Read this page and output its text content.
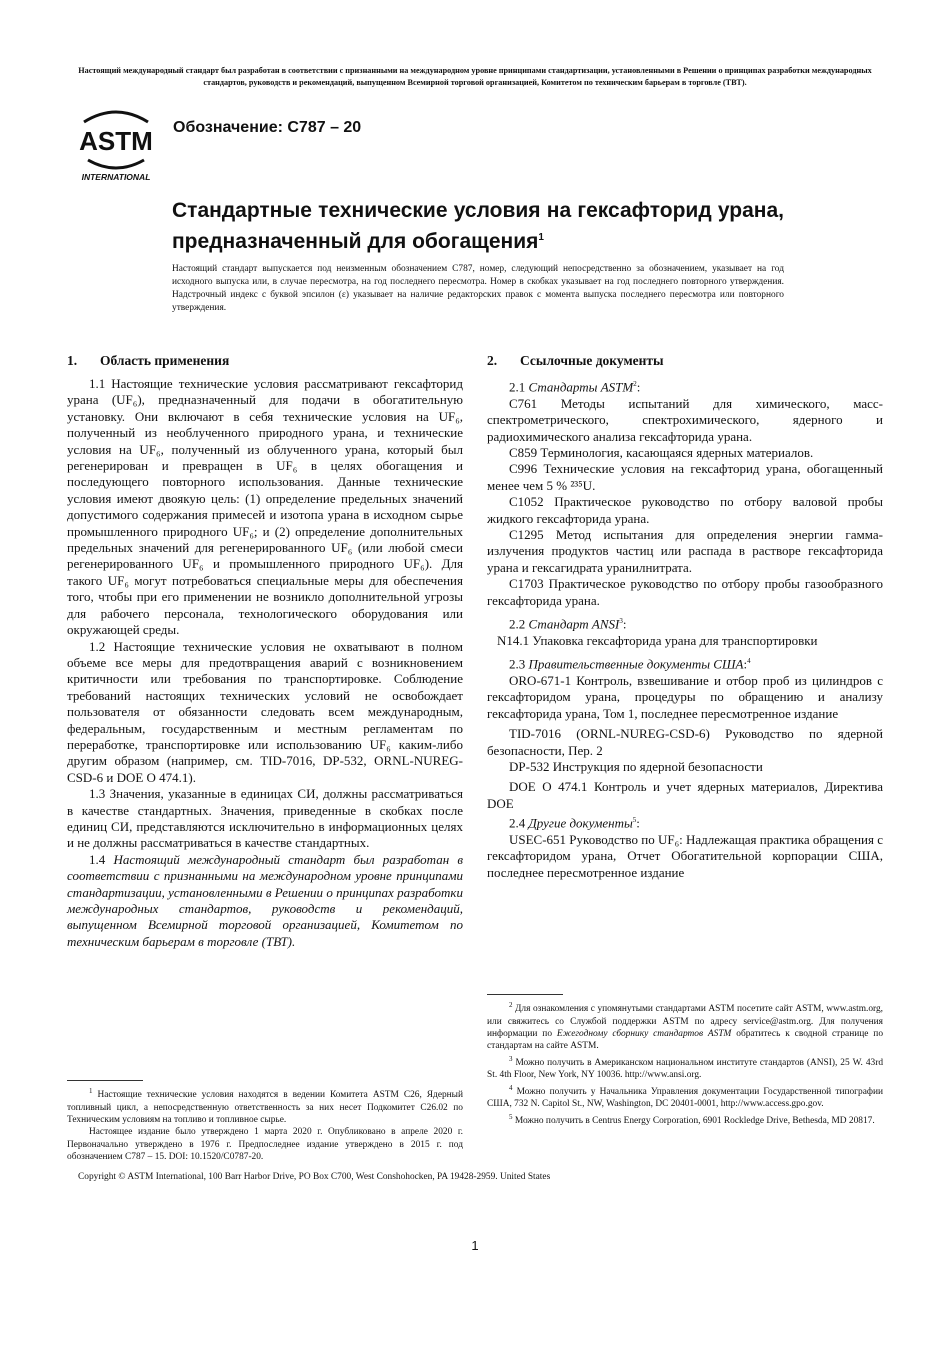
Настоящий международный стандарт был разработан в соответствии с признанными на международном уровне принципами стандартизации, установленными в Решении о принципах разработки международных стандартов, руководств и рекомендаций, выпущенном Всемирной торговой организацией, Комитетом по техническим барьерам в торговле (ТВТ).
ASTM
INTERNATIONAL
Обозначение: C787 – 20
Стандартные технические условия на гексафторид урана, предназначенный для обогащения$^1$
Настоящий стандарт выпускается под неизменным обозначением C787, номер, следующий непосредственно за обозначением, указывает на год исходного выпуска или, в случае пересмотра, на год последнего пересмотра. Номер в скобках указывает на год последнего повторного утверждения. Надстрочный индекс с буквой эпсилон (ε) указывает на наличие редакторских правок с момента выпуска последнего пересмотра или повторного утверждения.
1. Область применения

1.1 Настоящие технические условия рассматривают гексафторид урана (UF₆), предназначенный для подачи в обогатительную установку. Они включают в себя технические условия на UF₆, полученный из необлученного природного урана, и технические условия на UF₆, полученный из облученного урана, который был регенерирован и превращен в UF₆ в целях обогащения и последующего повторного использования. Данные технические условия имеют двоякую цель: (1) определение предельных значений допустимого содержания примесей и изотопа урана в исходном сырье промышленного природного UF₆; и (2) определение дополнительных предельных значений для регенерированного UF₆ (или любой смеси регенерированного UF₆ и промышленного природного UF₆). Для такого UF₆ могут потребоваться специальные меры для обеспечения того, чтобы при его применении не возникло дополнительной угрозы для рабочего персонала, технологического оборудования или окружающей среды.

1.2 Настоящие технические условия не охватывают в полном объеме все меры для предотвращения аварий с возникновением критичности или требования по транспортировке. Соблюдение требований настоящих технических условий не освобождает пользователя от обязанности следовать всем международным, федеральным, государственным и местным регламентам по переработке, транспортировке или использованию UF₆ каким-либо другим образом (например, см. TID-7016, DP-532, ORNL-NUREG-CSD-6 и DOE O 474.1).

1.3 Значения, указанные в единицах СИ, должны рассматриваться в качестве стандартных. Значения, приведенные в скобках после единиц СИ, представляются исключительно в информационных целях и не должны рассматриваться в качестве стандартных.

1.4 Настоящий международный стандарт был разработан в соответствии с признанными на международном уровне принципами стандартизации, установленными в Решении о принципах разработки международных стандартов, руководств и рекомендаций, выпущенном Всемирной торговой организацией, Комитетом по техническим барьерам в торговле (ТВТ).

2. Ссылочные документы

2.1 Стандарты ASTM$^2$:

C761 Методы испытаний для химического, масс-спектрометрического, спектрохимического, ядерного и радиохимического анализа гексафторида урана.

C859 Терминология, касающаяся ядерных материалов.

C996 Технические условия на гексафторид урана, обогащенный менее чем 5 % ²³⁵U.

C1052 Практическое руководство по отбору валовой пробы жидкого гексафторида урана.

C1295 Метод испытания для определения энергии гамма-излучения продуктов частиц или распада в растворе гексафторида урана и гексагидрата уранилнитрата.

C1703 Практическое руководство по отбору пробы газообразного гексафторида урана.

2.2 Стандарт ANSI$^3$:

N14.1 Упаковка гексафторида урана для транспортировки

2.3 Правительственные документы США:$^4$

ORO-671-1 Контроль, взвешивание и отбор проб из цилиндров с гексафторидом урана, процедуры по обращению и анализу гексафторида урана, Том 1, последнее пересмотренное издание

TID-7016 (ORNL-NUREG-CSD-6) Руководство по ядерной безопасности, Пер. 2

DP-532 Инструкция по ядерной безопасности

DOE O 474.1 Контроль и учет ядерных материалов, Директива DOE

2.4 Другие документы$^5$:

USEC-651 Руководство по UF₆: Надлежащая практика обращения с гексафторидом урана, Отчет Обогатительной корпорации США, последнее пересмотренное издание

$^1$ Настоящие технические условия находятся в ведении Комитета ASTM C26, Ядерный топливный цикл, а непосредственную ответственность за них несет Подкомитет C26.02 по Техническим условиям на топливо и топливное сырье.

Настоящее издание было утверждено 1 марта 2020 г. Опубликовано в апреле 2020 г. Первоначально утверждено в 1976 г. Предпоследнее издание утверждено в 2015 г. под обозначением C787 – 15. DOI: 10.1520/C0787-20.

$^2$ Для ознакомления с упомянутыми стандартами ASTM посетите сайт ASTM, www.astm.org, или свяжитесь со Службой поддержки ASTM по адресу service@astm.org. Для получения информации по Ежегодному сборнику стандартов ASTM обратитесь к сводной странице по стандартам на сайте ASTM.

$^3$ Можно получить в Американском национальном институте стандартов (ANSI), 25 W. 43rd St. 4th Floor, New York, NY 10036. http://www.ansi.org.

$^4$ Можно получить у Начальника Управления документации Государственной типографии США, 732 N. Capitol St., NW, Washington, DC 20401-0001, http://www.access.gpo.gov.

$^5$ Можно получить в Centrus Energy Corporation, 6901 Rockledge Drive, Bethesda, MD 20817.

Copyright © ASTM International, 100 Barr Harbor Drive, PO Box C700, West Conshohocken, PA 19428-2959. United States
1
